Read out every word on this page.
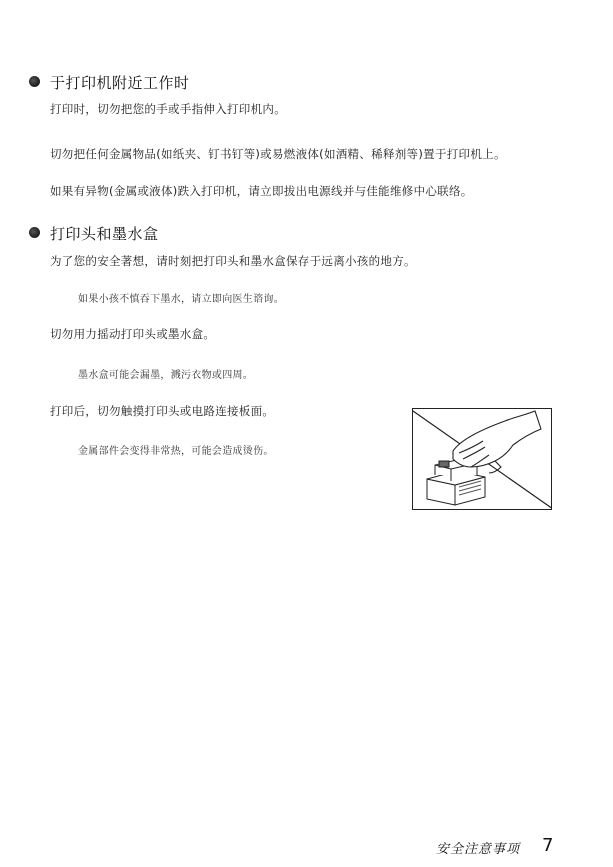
于打印机附近工作时
打印时，切勿把您的手或手指伸入打印机内。
切勿把任何金属物品(如纸夹、钉书钉等)或易燃液体(如酒精、稀释剂等)置于打印机上。
如果有异物(金属或液体)跌入打印机，请立即拔出电源线并与佳能维修中心联络。
打印头和墨水盒
为了您的安全著想，请时刻把打印头和墨水盒保存于远离小孩的地方。
如果小孩不慎吞下墨水，请立即向医生谘询。
切勿用力摇动打印头或墨水盒。
墨水盒可能会漏墨，溅污衣物或四周。
打印后，切勿触摸打印头或电路连接板面。
金属部件会变得非常热，可能会造成烫伤。
安全注意事项 7
